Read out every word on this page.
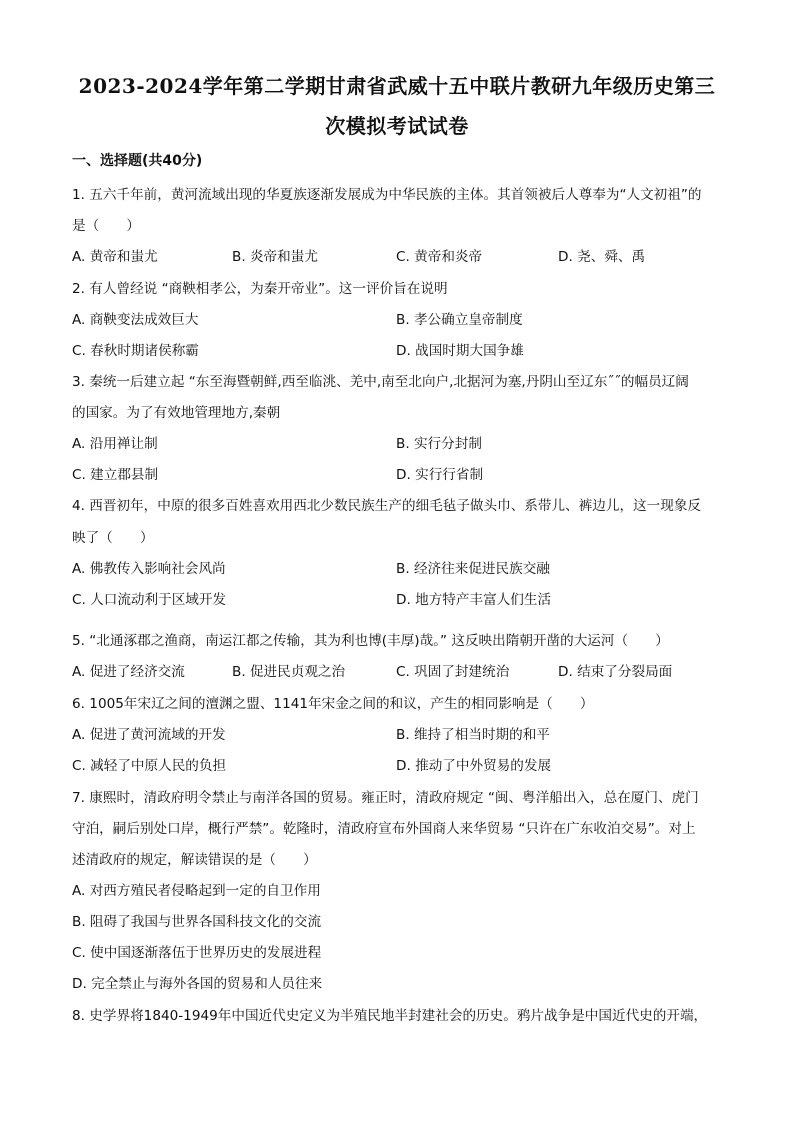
2023-2024学年第二学期甘肃省武威十五中联片教研九年级历史第三
次模拟考试试卷
一、选择题(共40分)
1. 五六千年前，黄河流域出现的华夏族逐渐发展成为中华民族的主体。其首领被后人尊奉为“人文初祖”的
是（　　）
A. 黄帝和蚩尤	B. 炎帝和蚩尤	C. 黄帝和炎帝	D. 尧、舜、禹
2. 有人曾经说 “商鞅相孝公，为秦开帝业”。这一评价旨在说明
A. 商鞅变法成效巨大	B. 孝公确立皇帝制度
C. 春秋时期诸侯称霸	D. 战国时期大国争雄
3. 秦统一后建立起 “东至海暨朝鲜,西至临洮、羌中,南至北向户,北据河为塞,丹阴山至辽东˝˝的幅员辽阔
的国家。为了有效地管理地方,秦朝
A. 沿用禅让制	B. 实行分封制
C. 建立郡县制	D. 实行行省制
4. 西晋初年，中原的很多百姓喜欢用西北少数民族生产的细毛毡子做头巾、系带儿、裤边儿，这一现象反
映了（　　）
A. 佛教传入影响社会风尚	B. 经济往来促进民族交融
C. 人口流动利于区域开发	D. 地方特产丰富人们生活
5. “北通涿郡之渔商，南运江都之传输，其为利也博(丰厚)哉。” 这反映出隋朝开凿的大运河（　　）
A. 促进了经济交流	B. 促进民贞观之治	C. 巩固了封建统治	D. 结束了分裂局面
6. 1005年宋辽之间的澶渊之盟、1141年宋金之间的和议，产生的相同影响是（　　）
A. 促进了黄河流域的开发	B. 维持了相当时期的和平
C. 减轻了中原人民的负担	D. 推动了中外贸易的发展
7. 康熙时，清政府明令禁止与南洋各国的贸易。雍正时，清政府规定 “闽、粤洋船出入，总在厦门、虎门
守泊，嗣后别处口岸，概行严禁”。乾隆时，清政府宣布外国商人来华贸易 “只许在广东收泊交易”。对上
述清政府的规定，解读错误的是（　　）
A. 对西方殖民者侵略起到一定的自卫作用
B. 阻碍了我国与世界各国科技文化的交流
C. 使中国逐渐落伍于世界历史的发展进程
D. 完全禁止与海外各国的贸易和人员往来
8. 史学界将1840-1949年中国近代史定义为半殖民地半封建社会的历史。鸦片战争是中国近代史的开端，
